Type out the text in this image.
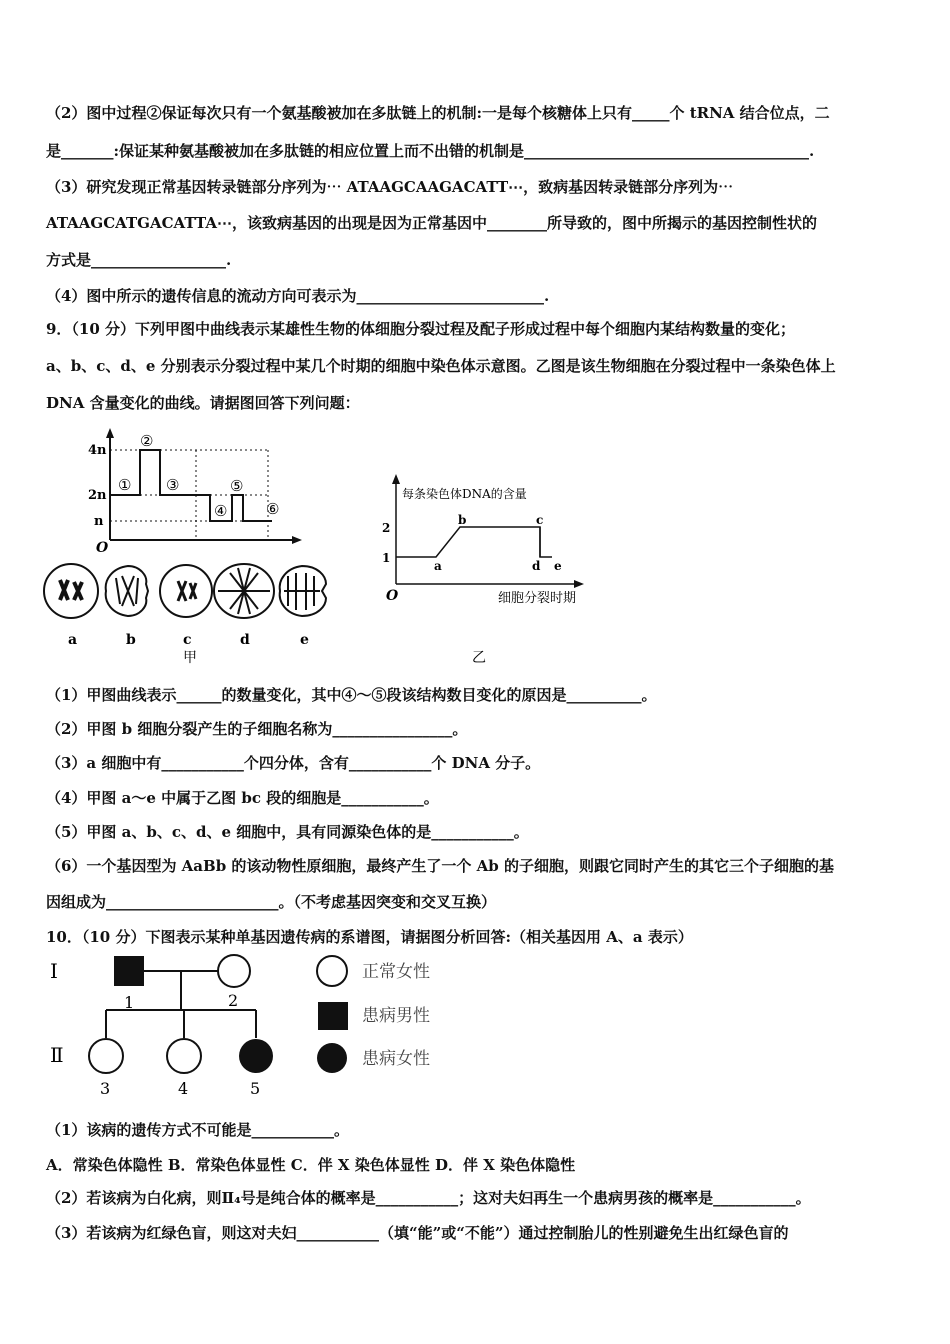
（2）图中过程②保证每次只有一个氨基酸被加在多肽链上的机制:一是每个核糖体上只有_____个 tRNA 结合位点，二
是_______:保证某种氨基酸被加在多肽链的相应位置上而不出错的机制是______________________________________.
（3）研究发现正常基因转录链部分序列为⋯ ATAAGCAAGACATT⋯，致病基因转录链部分序列为⋯
ATAAGCATGACATTA⋯，该致病基因的出现是因为正常基因中________所导致的，图中所揭示的基因控制性状的
方式是__________________.
（4）图中所示的遗传信息的流动方向可表示为_________________________.
9．（10 分）下列甲图中曲线表示某雄性生物的体细胞分裂过程及配子形成过程中每个细胞内某结构数量的变化；
a、b、c、d、e 分别表示分裂过程中某几个时期的细胞中染色体示意图。乙图是该生物细胞在分裂过程中一条染色体上
DNA 含量变化的曲线。请据图回答下列问题：
4n
2n
n
O
①
②
③
④
⑤
⑥
a	b	c	d	e
甲
每条染色体DNA的含量
细胞分裂时期
O
2
1
a
b	c
d e
乙
（1）甲图曲线表示______的数量变化，其中④～⑤段该结构数目变化的原因是__________。
（2）甲图 b 细胞分裂产生的子细胞名称为________________。
（3）a 细胞中有___________个四分体，含有___________个 DNA 分子。
（4）甲图 a～e 中属于乙图 bc 段的细胞是___________。
（5）甲图 a、b、c、d、e 细胞中，具有同源染色体的是___________。
（6）一个基因型为 AaBb 的该动物性原细胞，最终产生了一个 Ab 的子细胞，则跟它同时产生的其它三个子细胞的基
因组成为_______________________。（不考虑基因突变和交叉互换）
10．（10 分）下图表示某种单基因遗传病的系谱图，请据图分析回答:（相关基因用 A、a 表示）
Ⅰ
Ⅱ
1	2
3	4	5
正常女性
患病男性
患病女性
（1）该病的遗传方式不可能是___________。
A．常染色体隐性 B．常染色体显性 C．伴 X 染色体显性 D．伴 X 染色体隐性
（2）若该病为白化病，则Ⅱ₄号是纯合体的概率是___________；这对夫妇再生一个患病男孩的概率是___________。
（3）若该病为红绿色盲，则这对夫妇___________（填“能”或“不能”）通过控制胎儿的性别避免生出红绿色盲的
